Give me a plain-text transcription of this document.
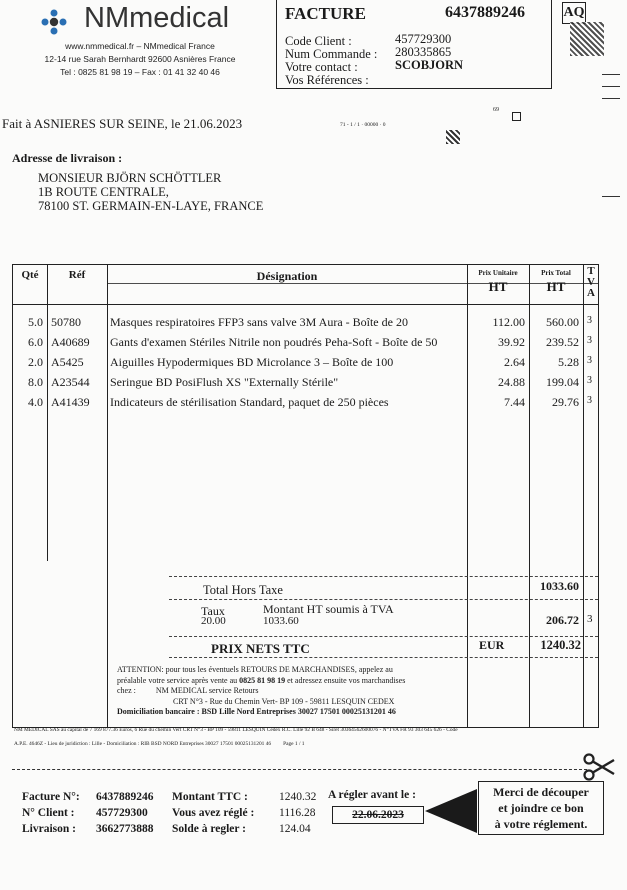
NMmedical
www.nmmedical.fr – NMmedical France
12-14 rue Sarah Bernhardt 92600 Asnières France
Tel : 0825 81 98 19 – Fax : 01 41 32 40 46
FACTURE	6437889246
Code Client :	457729300
Num Commande : 280335865
Votre contact :	SCOBJORN
Vos Références :
AQ
Fait à ASNIERES SUR SEINE, le 21.06.2023	71 - 1 / 1 · 00000 · 0
69
Adresse de livraison :
MONSIEUR BJÖRN SCHÖTTLER
1B ROUTE CENTRALE,
78100 ST. GERMAIN-EN-LAYE, FRANCE
Qté	Réf	Désignation	Prix Unitaire
HT
Prix Total
HT
T V A
5.0 50780	Masques respiratoires FFP3 sans valve 3M Aura - Boîte de 20	112.00	560.00 3
6.0 A40689	Gants d'examen Stériles Nitrile non poudrés Peha-Soft - Boîte de 50	39.92	239.52 3
2.0 A5425	Aiguilles Hypodermiques BD Microlance 3 – Boîte de 100	2.64	5.28 3
8.0 A23544	Seringue BD PosiFlush XS "Externally Stérile"	24.88	199.04 3
4.0 A41439	Indicateurs de stérilisation Standard, paquet de 250 pièces	7.44	29.76 3
Total Hors Taxe	1033.60
Taux
20.00
Montant HT soumis à TVA
1033.60	206.72 3
PRIX NETS TTC	EUR	1240.32
ATTENTION: pour tous les éventuels RETOURS DE MARCHANDISES, appelez au
préalable votre service après vente au 0825 81 98 19 et adressez ensuite vos marchandises
chez :	NM MEDICAL service Retours
CRT N°3 - Rue du Chemin Vert- BP 109 - 59811 LESQUIN CEDEX
Domiciliation bancaire : BSD Lille Nord Entreprises 30027 17501 00025131201 46
NM MEDICAL SAS au capital de 7 169 877.36 Euros, 6 Rue du chemin Vert CRT N°3 - BP 109 - 59811 LESQUIN Cedex R.C. Lille 92 B 648 - Siret 30364562600076 - N°TVA FR 93 303 645 626 - Code
A.P.E. 4646Z - Lieu de juridiction : Lille - Domiciliation : RIB BSD NORD Entreprises 30027 17501 00025131201 46 Page 1 / 1
Facture N°: 6437889246
N° Client : 457729300
Livraison : 3662773888
Montant TTC :	1240.32
Vous avez réglé : 1116.28
Solde à regler :	124.04
A régler avant le :
22.06.2023
Merci de découper
et joindre ce bon
à votre réglement.
